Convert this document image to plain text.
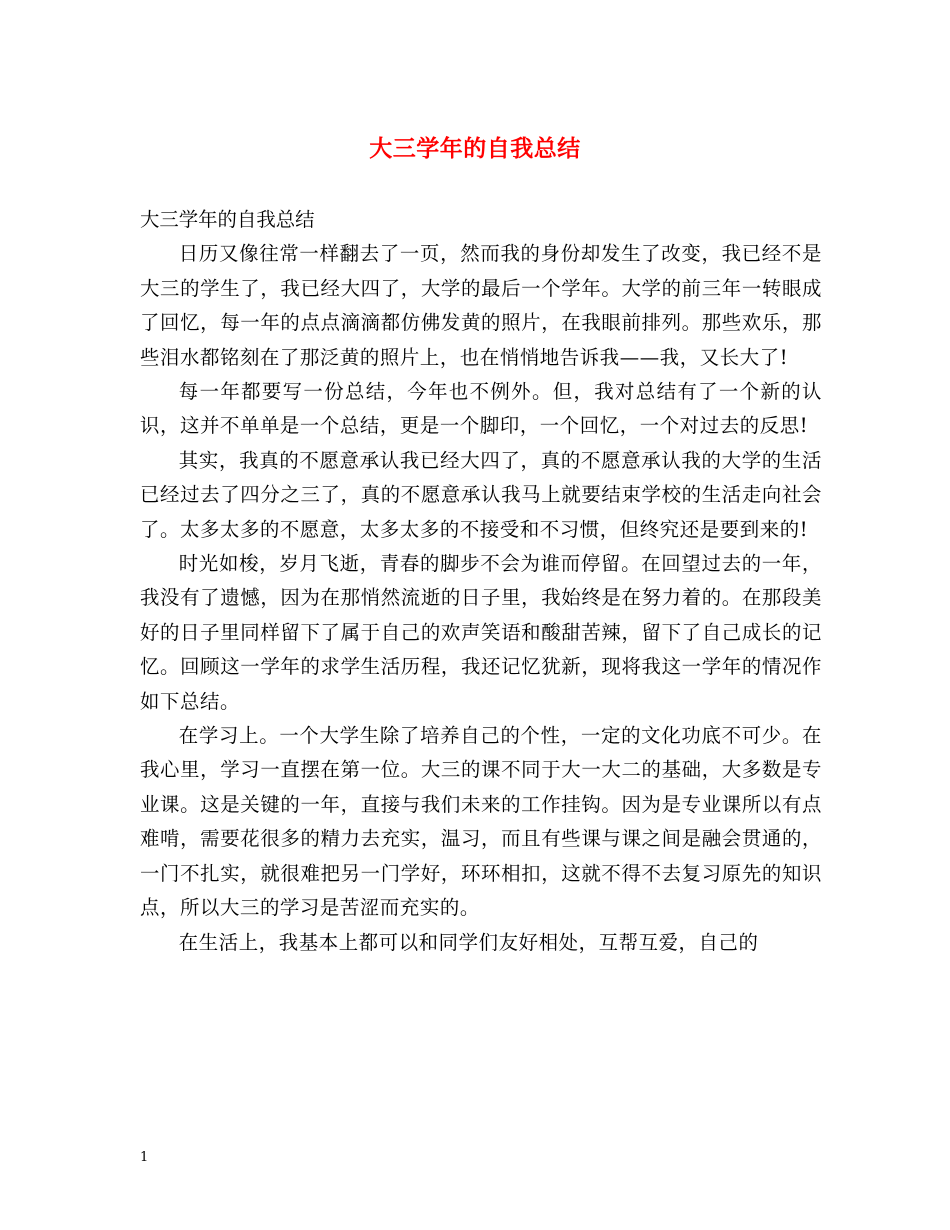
大三学年的自我总结

大三学年的自我总结

日历又像往常一样翻去了一页，然而我的身份却发生了改变，我已经不是大三的学生了，我已经大四了，大学的最后一个学年。大学的前三年一转眼成了回忆，每一年的点点滴滴都仿佛发黄的照片，在我眼前排列。那些欢乐，那些泪水都铭刻在了那泛黄的照片上，也在悄悄地告诉我——我，又长大了!

每一年都要写一份总结，今年也不例外。但，我对总结有了一个新的认识，这并不单单是一个总结，更是一个脚印，一个回忆，一个对过去的反思!

其实，我真的不愿意承认我已经大四了，真的不愿意承认我的大学的生活已经过去了四分之三了，真的不愿意承认我马上就要结束学校的生活走向社会了。太多太多的不愿意，太多太多的不接受和不习惯，但终究还是要到来的!

时光如梭，岁月飞逝，青春的脚步不会为谁而停留。在回望过去的一年，我没有了遗憾，因为在那悄然流逝的日子里，我始终是在努力着的。在那段美好的日子里同样留下了属于自己的欢声笑语和酸甜苦辣，留下了自己成长的记忆。回顾这一学年的求学生活历程，我还记忆犹新，现将我这一学年的情况作如下总结。

在学习上。一个大学生除了培养自己的个性，一定的文化功底不可少。在我心里，学习一直摆在第一位。大三的课不同于大一大二的基础，大多数是专业课。这是关键的一年，直接与我们未来的工作挂钩。因为是专业课所以有点难啃，需要花很多的精力去充实，温习，而且有些课与课之间是融会贯通的，一门不扎实，就很难把另一门学好，环环相扣，这就不得不去复习原先的知识点，所以大三的学习是苦涩而充实的。

在生活上，我基本上都可以和同学们友好相处，互帮互爱，自己的

1
